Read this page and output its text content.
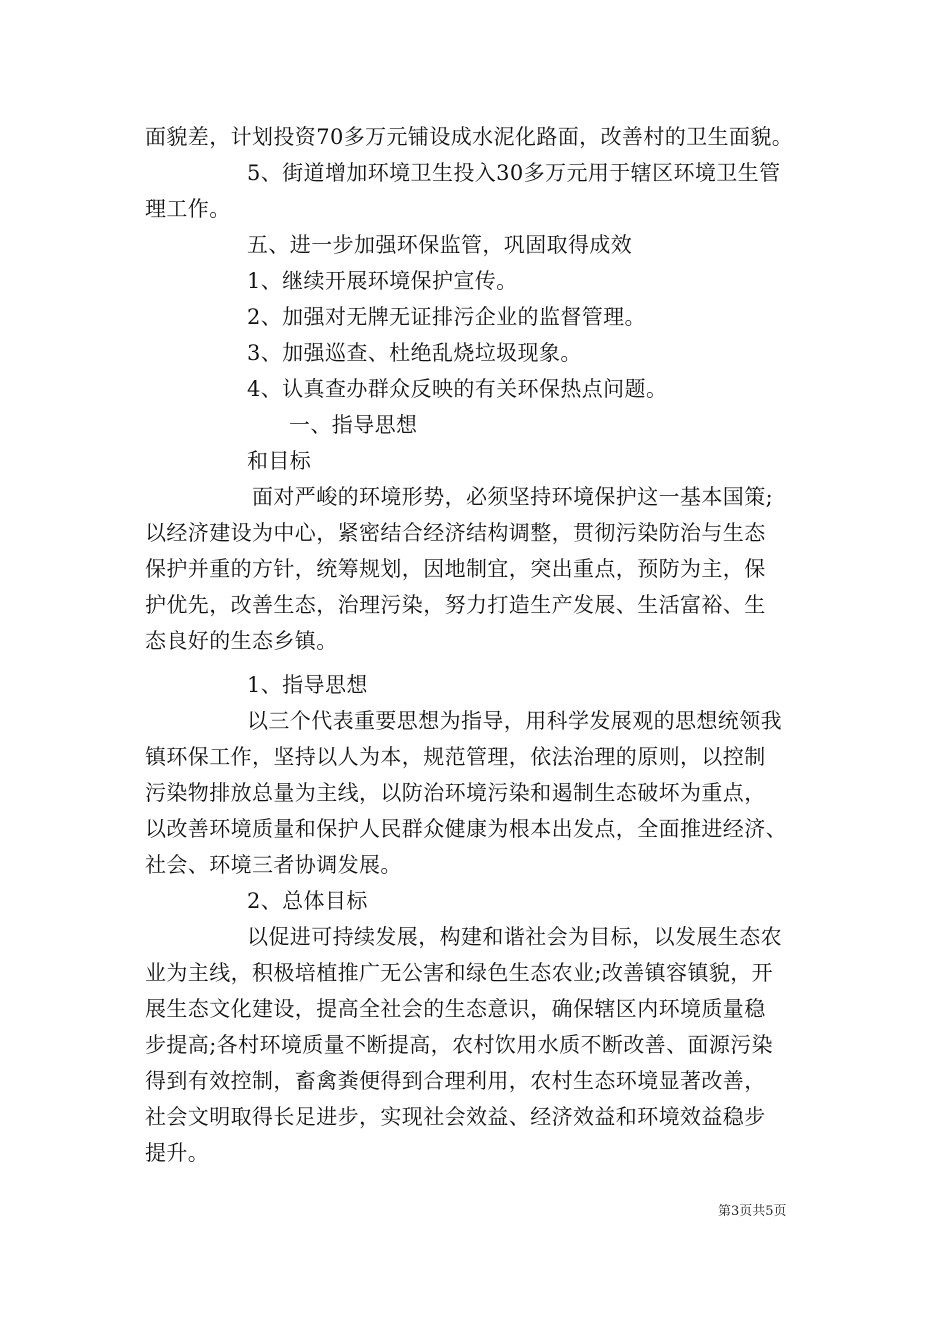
面貌差，计划投资70多万元铺设成水泥化路面，改善村的卫生面貌。
5、街道增加环境卫生投入30多万元用于辖区环境卫生管
理工作。
五、进一步加强环保监管，巩固取得成效
1、继续开展环境保护宣传。
2、加强对无牌无证排污企业的监督管理。
3、加强巡查、杜绝乱烧垃圾现象。
4、认真查办群众反映的有关环保热点问题。
一、指导思想
和目标
面对严峻的环境形势，必须坚持环境保护这一基本国策;
以经济建设为中心，紧密结合经济结构调整，贯彻污染防治与生态
保护并重的方针，统筹规划，因地制宜，突出重点，预防为主，保
护优先，改善生态，治理污染，努力打造生产发展、生活富裕、生
态良好的生态乡镇。
1、指导思想
以三个代表重要思想为指导，用科学发展观的思想统领我
镇环保工作，坚持以人为本，规范管理，依法治理的原则，以控制
污染物排放总量为主线，以防治环境污染和遏制生态破坏为重点，
以改善环境质量和保护人民群众健康为根本出发点，全面推进经济、
社会、环境三者协调发展。
2、总体目标
以促进可持续发展，构建和谐社会为目标，以发展生态农
业为主线，积极培植推广无公害和绿色生态农业;改善镇容镇貌，开
展生态文化建设，提高全社会的生态意识，确保辖区内环境质量稳
步提高;各村环境质量不断提高，农村饮用水质不断改善、面源污染
得到有效控制，畜禽粪便得到合理利用，农村生态环境显著改善，
社会文明取得长足进步，实现社会效益、经济效益和环境效益稳步
提升。
第3页共5页
